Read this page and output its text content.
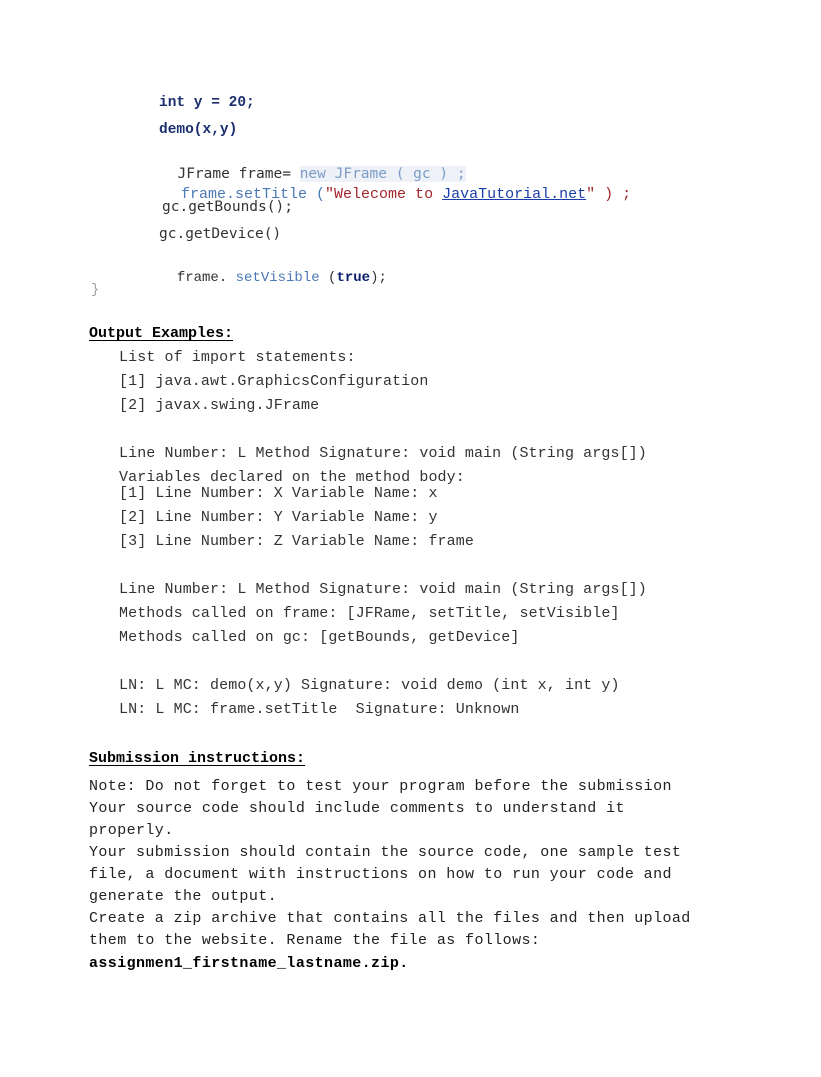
int y = 20;
demo(x,y)

JFrame frame= new JFrame ( gc ) ;

frame.setTitle ("Welecome to JavaTutorial.net" ) ;

gc.getBounds();
gc.getDevice()

frame. setVisible (true);

}
Output Examples:
List of import statements:
[1] java.awt.GraphicsConfiguration
[2] javax.swing.JFrame
Line Number: L Method Signature: void main (String args[])
Variables declared on the method body:
[1] Line Number: X Variable Name: x
[2] Line Number: Y Variable Name: y
[3] Line Number: Z Variable Name: frame
Line Number: L Method Signature: void main (String args[])
Methods called on frame: [JFRame, setTitle, setVisible]
Methods called on gc: [getBounds, getDevice]
LN: L MC: demo(x,y) Signature: void demo (int x, int y)
LN: L MC: frame.setTitle  Signature: Unknown
Submission instructions:
Note: Do not forget to test your program before the submission
Your source code should include comments to understand it
properly.
Your submission should contain the source code, one sample test
file, a document with instructions on how to run your code and
generate the output.
Create a zip archive that contains all the files and then upload
them to the website. Rename the file as follows:
assignmen1_firstname_lastname.zip.
